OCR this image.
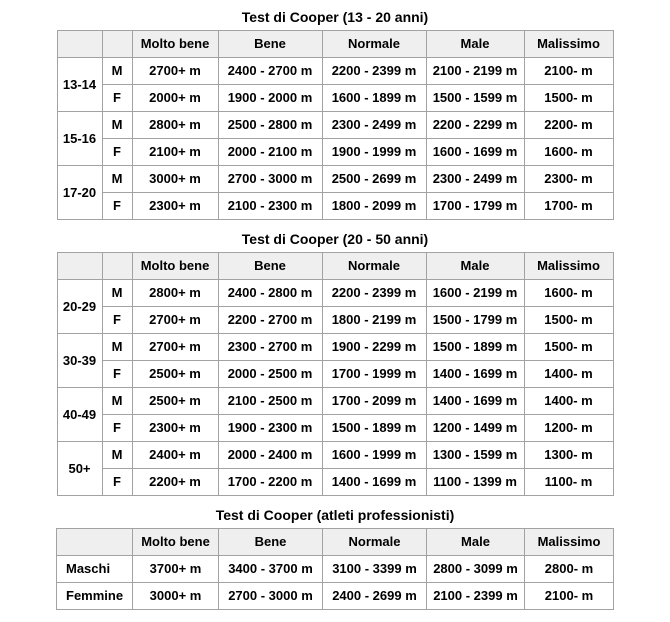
Test di Cooper (13 - 20 anni)
		Molto bene	Bene	Normale	Male	Malissimo
13-14	M	2700+ m	2400 - 2700 m	2200 - 2399 m	2100 - 2199 m	2100- m
	F	2000+ m	1900 - 2000 m	1600 - 1899 m	1500 - 1599 m	1500- m
15-16	M	2800+ m	2500 - 2800 m	2300 - 2499 m	2200 - 2299 m	2200- m
	F	2100+ m	2000 - 2100 m	1900 - 1999 m	1600 - 1699 m	1600- m
17-20	M	3000+ m	2700 - 3000 m	2500 - 2699 m	2300 - 2499 m	2300- m
	F	2300+ m	2100 - 2300 m	1800 - 2099 m	1700 - 1799 m	1700- m
Test di Cooper (20 - 50 anni)
		Molto bene	Bene	Normale	Male	Malissimo
20-29	M	2800+ m	2400 - 2800 m	2200 - 2399 m	1600 - 2199 m	1600- m
	F	2700+ m	2200 - 2700 m	1800 - 2199 m	1500 - 1799 m	1500- m
30-39	M	2700+ m	2300 - 2700 m	1900 - 2299 m	1500 - 1899 m	1500- m
	F	2500+ m	2000 - 2500 m	1700 - 1999 m	1400 - 1699 m	1400- m
40-49	M	2500+ m	2100 - 2500 m	1700 - 2099 m	1400 - 1699 m	1400- m
	F	2300+ m	1900 - 2300 m	1500 - 1899 m	1200 - 1499 m	1200- m
50+	M	2400+ m	2000 - 2400 m	1600 - 1999 m	1300 - 1599 m	1300- m
	F	2200+ m	1700 - 2200 m	1400 - 1699 m	1100 - 1399 m	1100- m
Test di Cooper (atleti professionisti)
	Molto bene	Bene	Normale	Male	Malissimo
Maschi	3700+ m	3400 - 3700 m	3100 - 3399 m	2800 - 3099 m	2800- m
Femmine	3000+ m	2700 - 3000 m	2400 - 2699 m	2100 - 2399 m	2100- m
